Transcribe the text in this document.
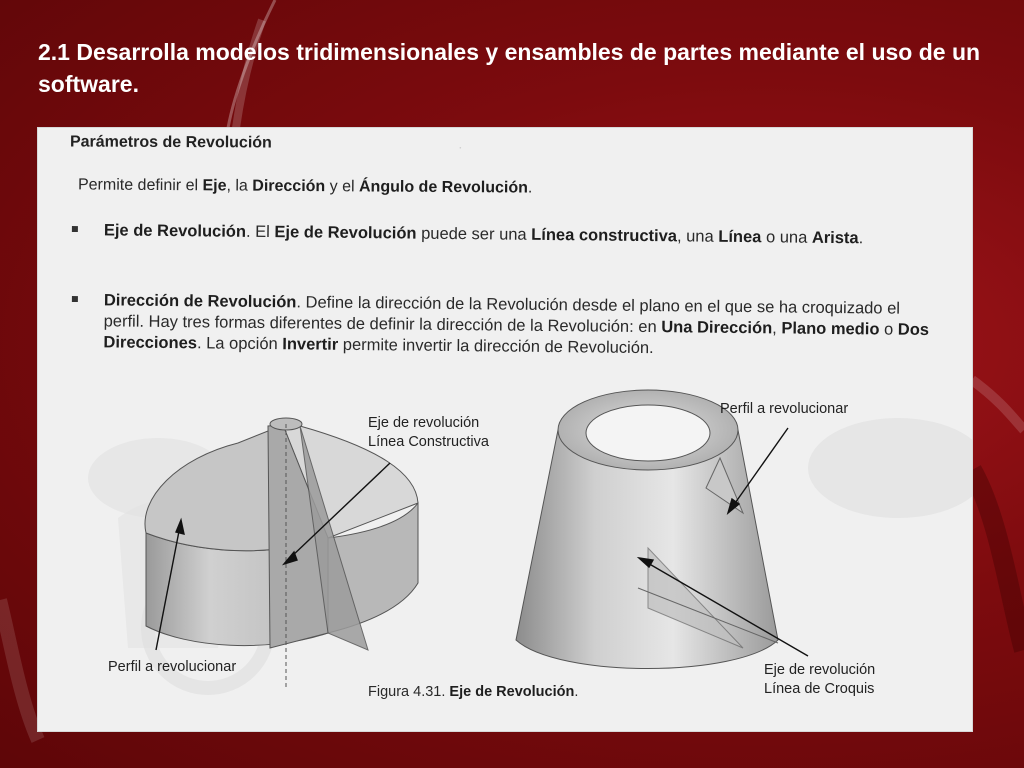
2.1 Desarrolla modelos tridimensionales y ensambles de partes mediante el uso de un software.
·
Parámetros de Revolución
Permite definir el Eje, la Dirección y el Ángulo de Revolución.
Eje de Revolución. El Eje de Revolución puede ser una Línea constructiva, una Línea o una Arista.
Dirección de Revolución. Define la dirección de la Revolución desde el plano en el que se ha croquizado el perfil. Hay tres formas diferentes de definir la dirección de la Revolución: en Una Dirección, Plano medio o Dos Direcciones. La opción Invertir permite invertir la dirección de Revolución.
Eje de revolución
Línea Constructiva
Perfil a revolucionar
Perfil a revolucionar
Eje de revolución
Línea de Croquis
Figura 4.31. Eje de Revolución.
